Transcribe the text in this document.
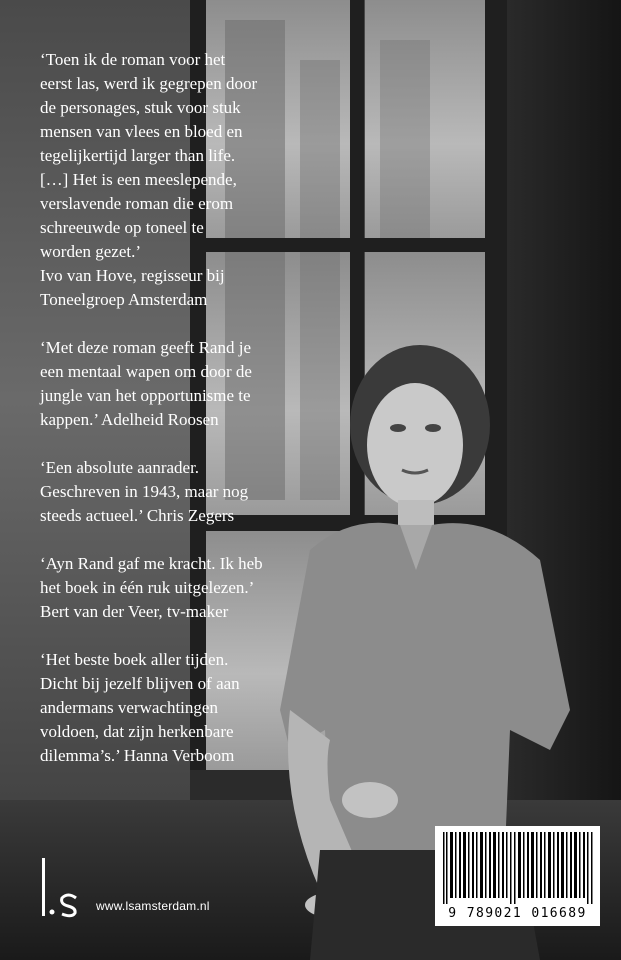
‘Toen ik de roman voor het

eerst las, werd ik gegrepen door

de personages, stuk voor stuk

mensen van vlees en bloed en

tegelijkertijd larger than life.

[…] Het is een meeslepende,

verslavende roman die erom

schreeuwde op toneel te

worden gezet.’

Ivo van Hove, regisseur bij

Toneelgroep Amsterdam

‘Met deze roman geeft Rand je

een mentaal wapen om door de

jungle van het opportunisme te

kappen.’ Adelheid Roosen

‘Een absolute aanrader.

Geschreven in 1943, maar nog

steeds actueel.’ Chris Zegers

‘Ayn Rand gaf me kracht. Ik heb

het boek in één ruk uitgelezen.’

Bert van der Veer, tv-maker

‘Het beste boek aller tijden.

Dicht bij jezelf blijven of aan

andermans verwachtingen

voldoen, dat zijn herkenbare

dilemma’s.’ Hanna Verboom

www.lsamsterdam.nl	9 789021 016689
